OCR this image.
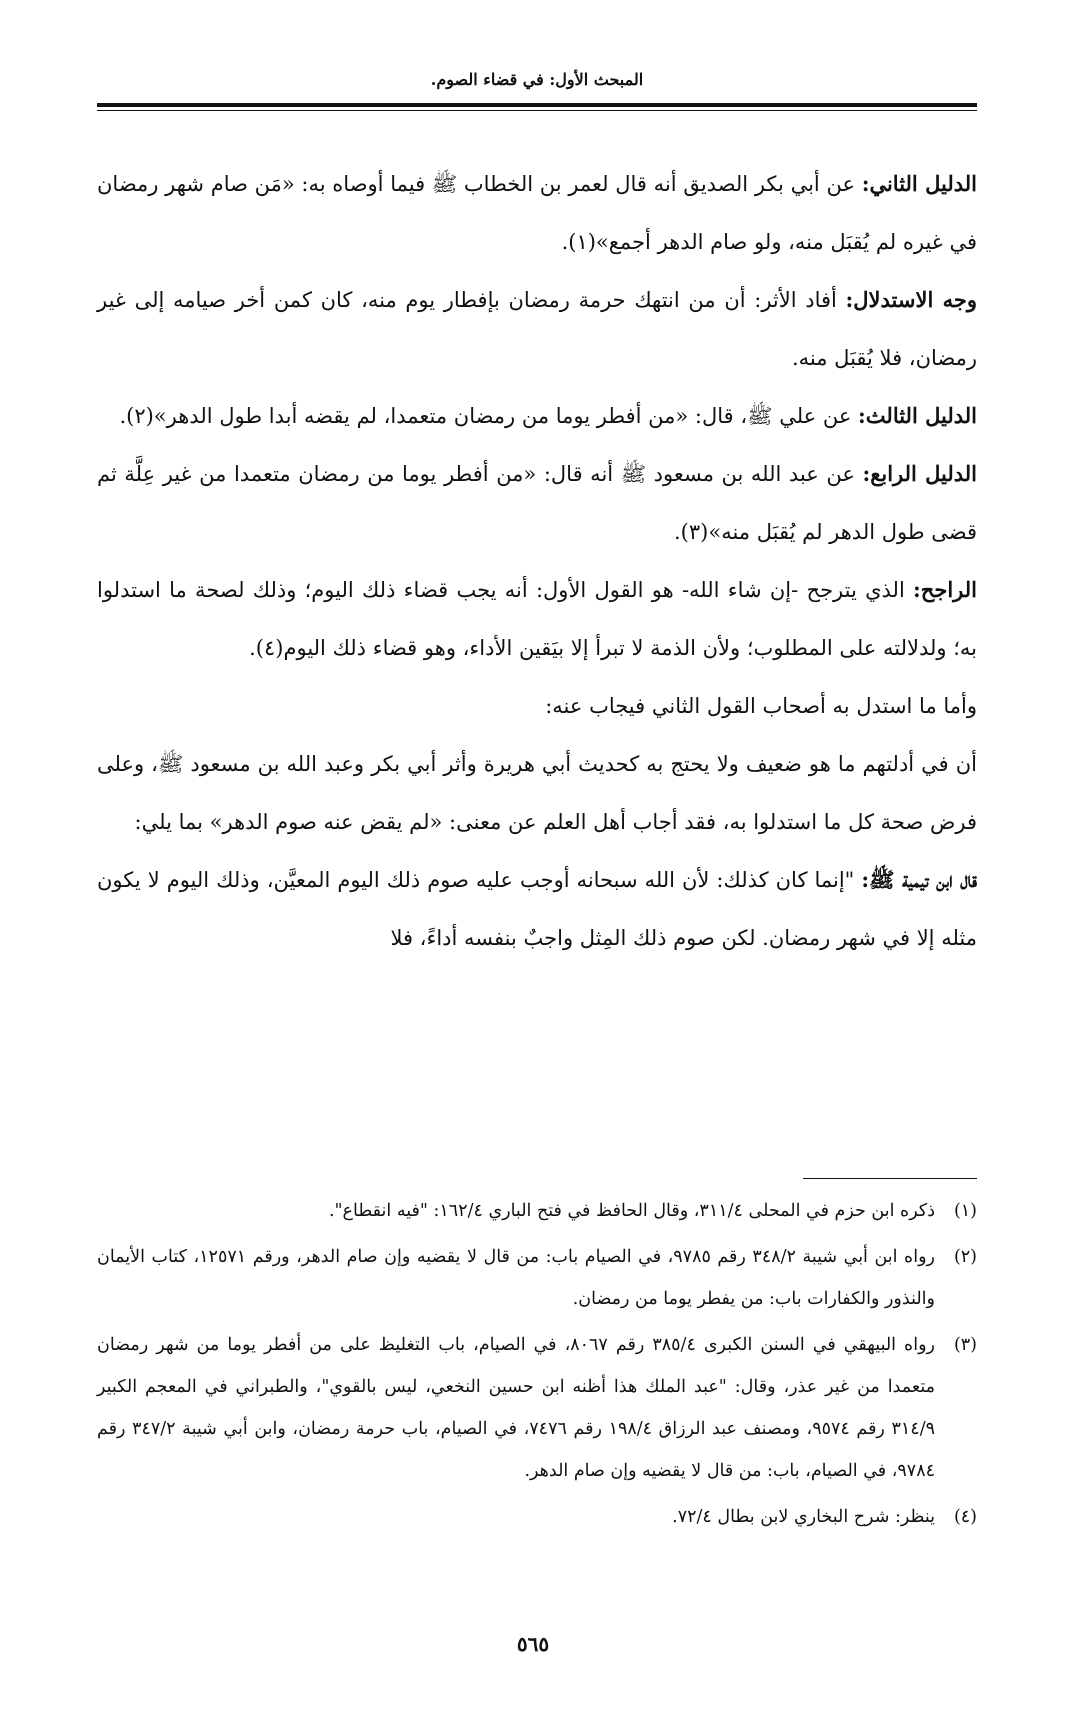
المبحث الأول: في قضاء الصوم.

الدليل الثاني: عن أبي بكر الصديق أنه قال لعمر بن الخطاب ﷺ فيما أوصاه به: «مَن صام شهر رمضان في غيره لم يُقبَل منه، ولو صام الدهر أجمع»(١).

وجه الاستدلال: أفاد الأثر: أن من انتهك حرمة رمضان بإفطار يوم منه، كان كمن أخر صيامه إلى غير رمضان، فلا يُقبَل منه.

الدليل الثالث: عن علي ﷺ، قال: «من أفطر يوما من رمضان متعمدا، لم يقضه أبدا طول الدهر»(٢).

الدليل الرابع: عن عبد الله بن مسعود ﷺ أنه قال: «من أفطر يوما من رمضان متعمدا من غير عِلَّة ثم قضى طول الدهر لم يُقبَل منه»(٣).

الراجح: الذي يترجح -إن شاء الله- هو القول الأول: أنه يجب قضاء ذلك اليوم؛ وذلك لصحة ما استدلوا به؛ ولدلالته على المطلوب؛ ولأن الذمة لا تبرأ إلا بيَقين الأداء، وهو قضاء ذلك اليوم(٤).

وأما ما استدل به أصحاب القول الثاني فيجاب عنه:

أن في أدلتهم ما هو ضعيف ولا يحتج به كحديث أبي هريرة وأثر أبي بكر وعبد الله بن مسعود ﷺ، وعلى فرض صحة كل ما استدلوا به، فقد أجاب أهل العلم عن معنى: «لم يقض عنه صوم الدهر» بما يلي:

قال ابن تيمية ﷺ: "إنما كان كذلك: لأن الله سبحانه أوجب عليه صوم ذلك اليوم المعيَّن، وذلك اليوم لا يكون مثله إلا في شهر رمضان. لكن صوم ذلك المِثل واجبٌ بنفسه أداءً، فلا

(١)
ذكره ابن حزم في المحلى ٣١١/٤، وقال الحافظ في فتح الباري ١٦٢/٤: "فيه انقطاع".
(٢)
رواه ابن أبي شيبة ٣٤٨/٢ رقم ٩٧٨٥، في الصيام باب: من قال لا يقضيه وإن صام الدهر، ورقم ١٢٥٧١، كتاب الأيمان والنذور والكفارات باب: من يفطر يوما من رمضان.
(٣)
رواه البيهقي في السنن الكبرى ٣٨٥/٤ رقم ٨٠٦٧، في الصيام، باب التغليظ على من أفطر يوما من شهر رمضان متعمدا من غير عذر، وقال: "عبد الملك هذا أظنه ابن حسين النخعي، ليس بالقوي"، والطبراني في المعجم الكبير ٣١٤/٩ رقم ٩٥٧٤، ومصنف عبد الرزاق ١٩٨/٤ رقم ٧٤٧٦، في الصيام، باب حرمة رمضان، وابن أبي شيبة ٣٤٧/٢ رقم ٩٧٨٤، في الصيام، باب: من قال لا يقضيه وإن صام الدهر.
(٤)
ينظر: شرح البخاري لابن بطال ٧٢/٤.
٥٦٥
